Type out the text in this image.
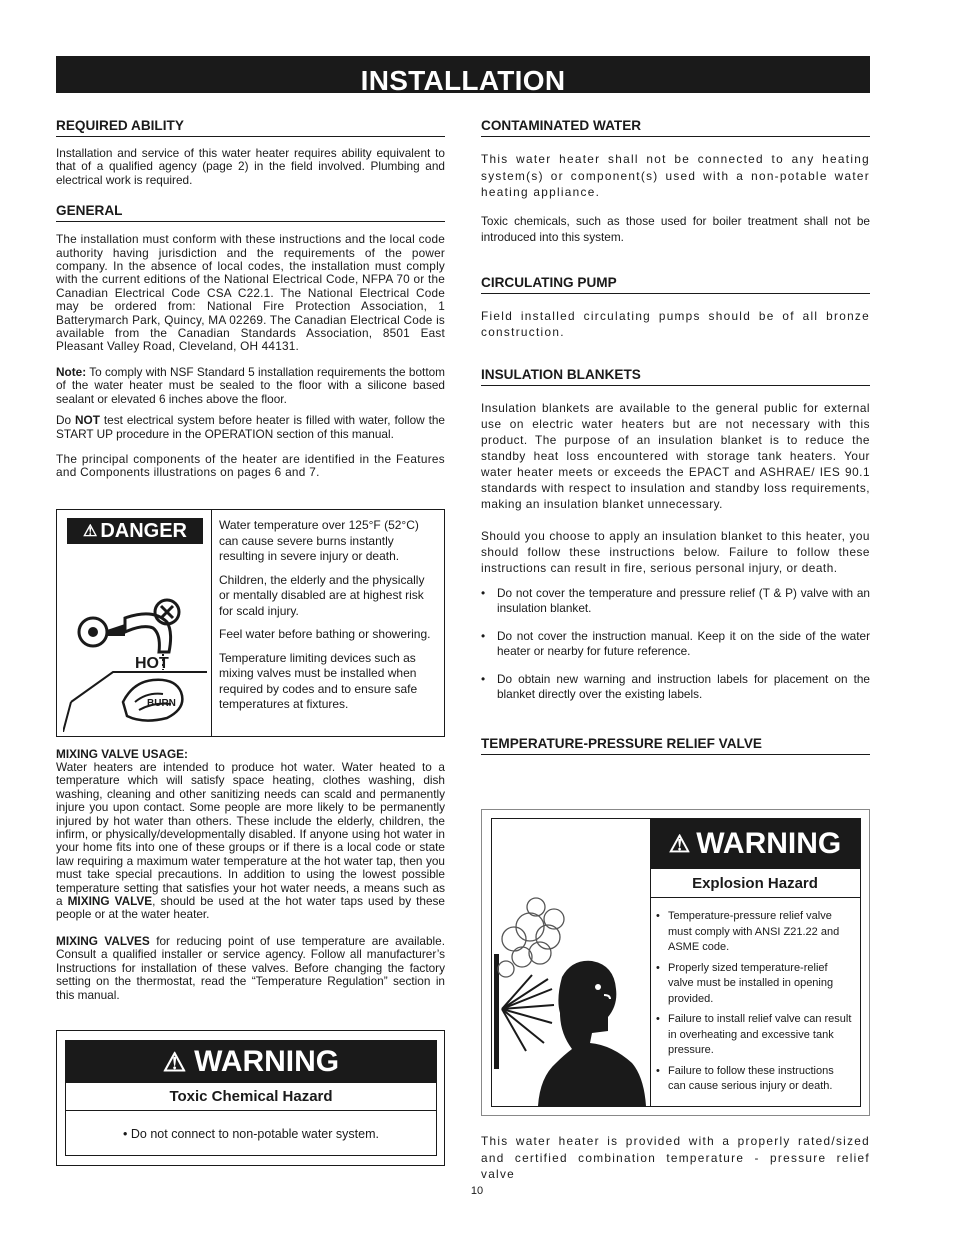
INSTALLATION
REQUIRED ABILITY

Installation and service of this water heater requires ability equivalent to that of a qualified agency (page 2) in the field involved. Plumbing and electrical work is required.

GENERAL

The installation must conform with these instructions and the local code authority having jurisdiction and the requirements of the power company. In the absence of local codes, the installation must comply with the current editions of the National Electrical Code, NFPA 70 or the Canadian Electrical Code CSA C22.1. The National Electrical Code may be ordered from: National Fire Protection Association, 1 Batterymarch Park, Quincy, MA 02269. The Canadian Electrical Code is available from the Canadian Standards Association, 8501 East Pleasant Valley Road, Cleveland, OH 44131.

Note: To comply with NSF Standard 5 installation requirements the bottom of the water heater must be sealed to the floor with a silicone based sealant or elevated 6 inches above the floor.

Do NOT test electrical system before heater is filled with water, follow the START UP procedure in the OPERATION section of this manual.

The principal components of the heater are identified in the Features and Components illustrations on pages 6 and 7.

⚠ DANGER
HOT
BURN
Water temperature over 125°F (52°C) can cause severe burns instantly resulting in severe injury or death.
Children, the elderly and the physically or mentally disabled are at highest risk for scald injury.
Feel water before bathing or showering.
Temperature limiting devices such as mixing valves must be installed when required by codes and to ensure safe temperatures at fixtures.
MIXING VALVE USAGE:

Water heaters are intended to produce hot water. Water heated to a temperature which will satisfy space heating, clothes washing, dish washing, cleaning and other sanitizing needs can scald and permanently injure you upon contact. Some people are more likely to be permanently injured by hot water than others. These include the elderly, children, the infirm, or physically/developmentally disabled. If anyone using hot water in your home fits into one of these groups or if there is a local code or state law requiring a maximum water temperature at the hot water tap, then you must take special precautions. In addition to using the lowest possible temperature setting that satisfies your hot water needs, a means such as a MIXING VALVE, should be used at the hot water taps used by these people or at the water heater.

MIXING VALVES for reducing point of use temperature are available. Consult a qualified installer or service agency. Follow all manufacturer’s Instructions for installation of these valves. Before changing the factory setting on the thermostat, read the “Temperature Regulation” section in this manual.

⚠ WARNING
Toxic Chemical Hazard
• Do not connect to non-potable water system.
CONTAMINATED WATER

This water heater shall not be connected to any heating system(s) or component(s) used with a non-potable water heating appliance.

Toxic chemicals, such as those used for boiler treatment shall not be introduced into this system.

CIRCULATING PUMP

Field installed circulating pumps should be of all bronze construction.

INSULATION BLANKETS

Insulation blankets are available to the general public for external use on electric water heaters but are not necessary with this product. The purpose of an insulation blanket is to reduce the standby heat loss encountered with storage tank heaters. Your water heater meets or exceeds the EPACT and ASHRAE/ IES 90.1 standards with respect to insulation and standby loss requirements, making an insulation blanket unnecessary.

Should you choose to apply an insulation blanket to this heater, you should follow these instructions below. Failure to follow these instructions can result in fire, serious personal injury, or death.

•	Do not cover the temperature and pressure relief (T & P) valve with an insulation blanket.
•	Do not cover the instruction manual. Keep it on the side of the water heater or nearby for future reference.
•	Do obtain new warning and instruction labels for placement on the blanket directly over the existing labels.
TEMPERATURE-PRESSURE RELIEF VALVE
⚠ WARNING
Explosion Hazard
• Temperature-pressure relief valve must comply with ANSI Z21.22 and ASME code.
• Properly sized temperature-relief valve must be installed in opening provided.
• Failure to install relief valve can result in overheating and excessive tank pressure.
• Failure to follow these instructions can cause serious injury or death.

This water heater is provided with a properly rated/sized and certified combination temperature - pressure relief valve

10
